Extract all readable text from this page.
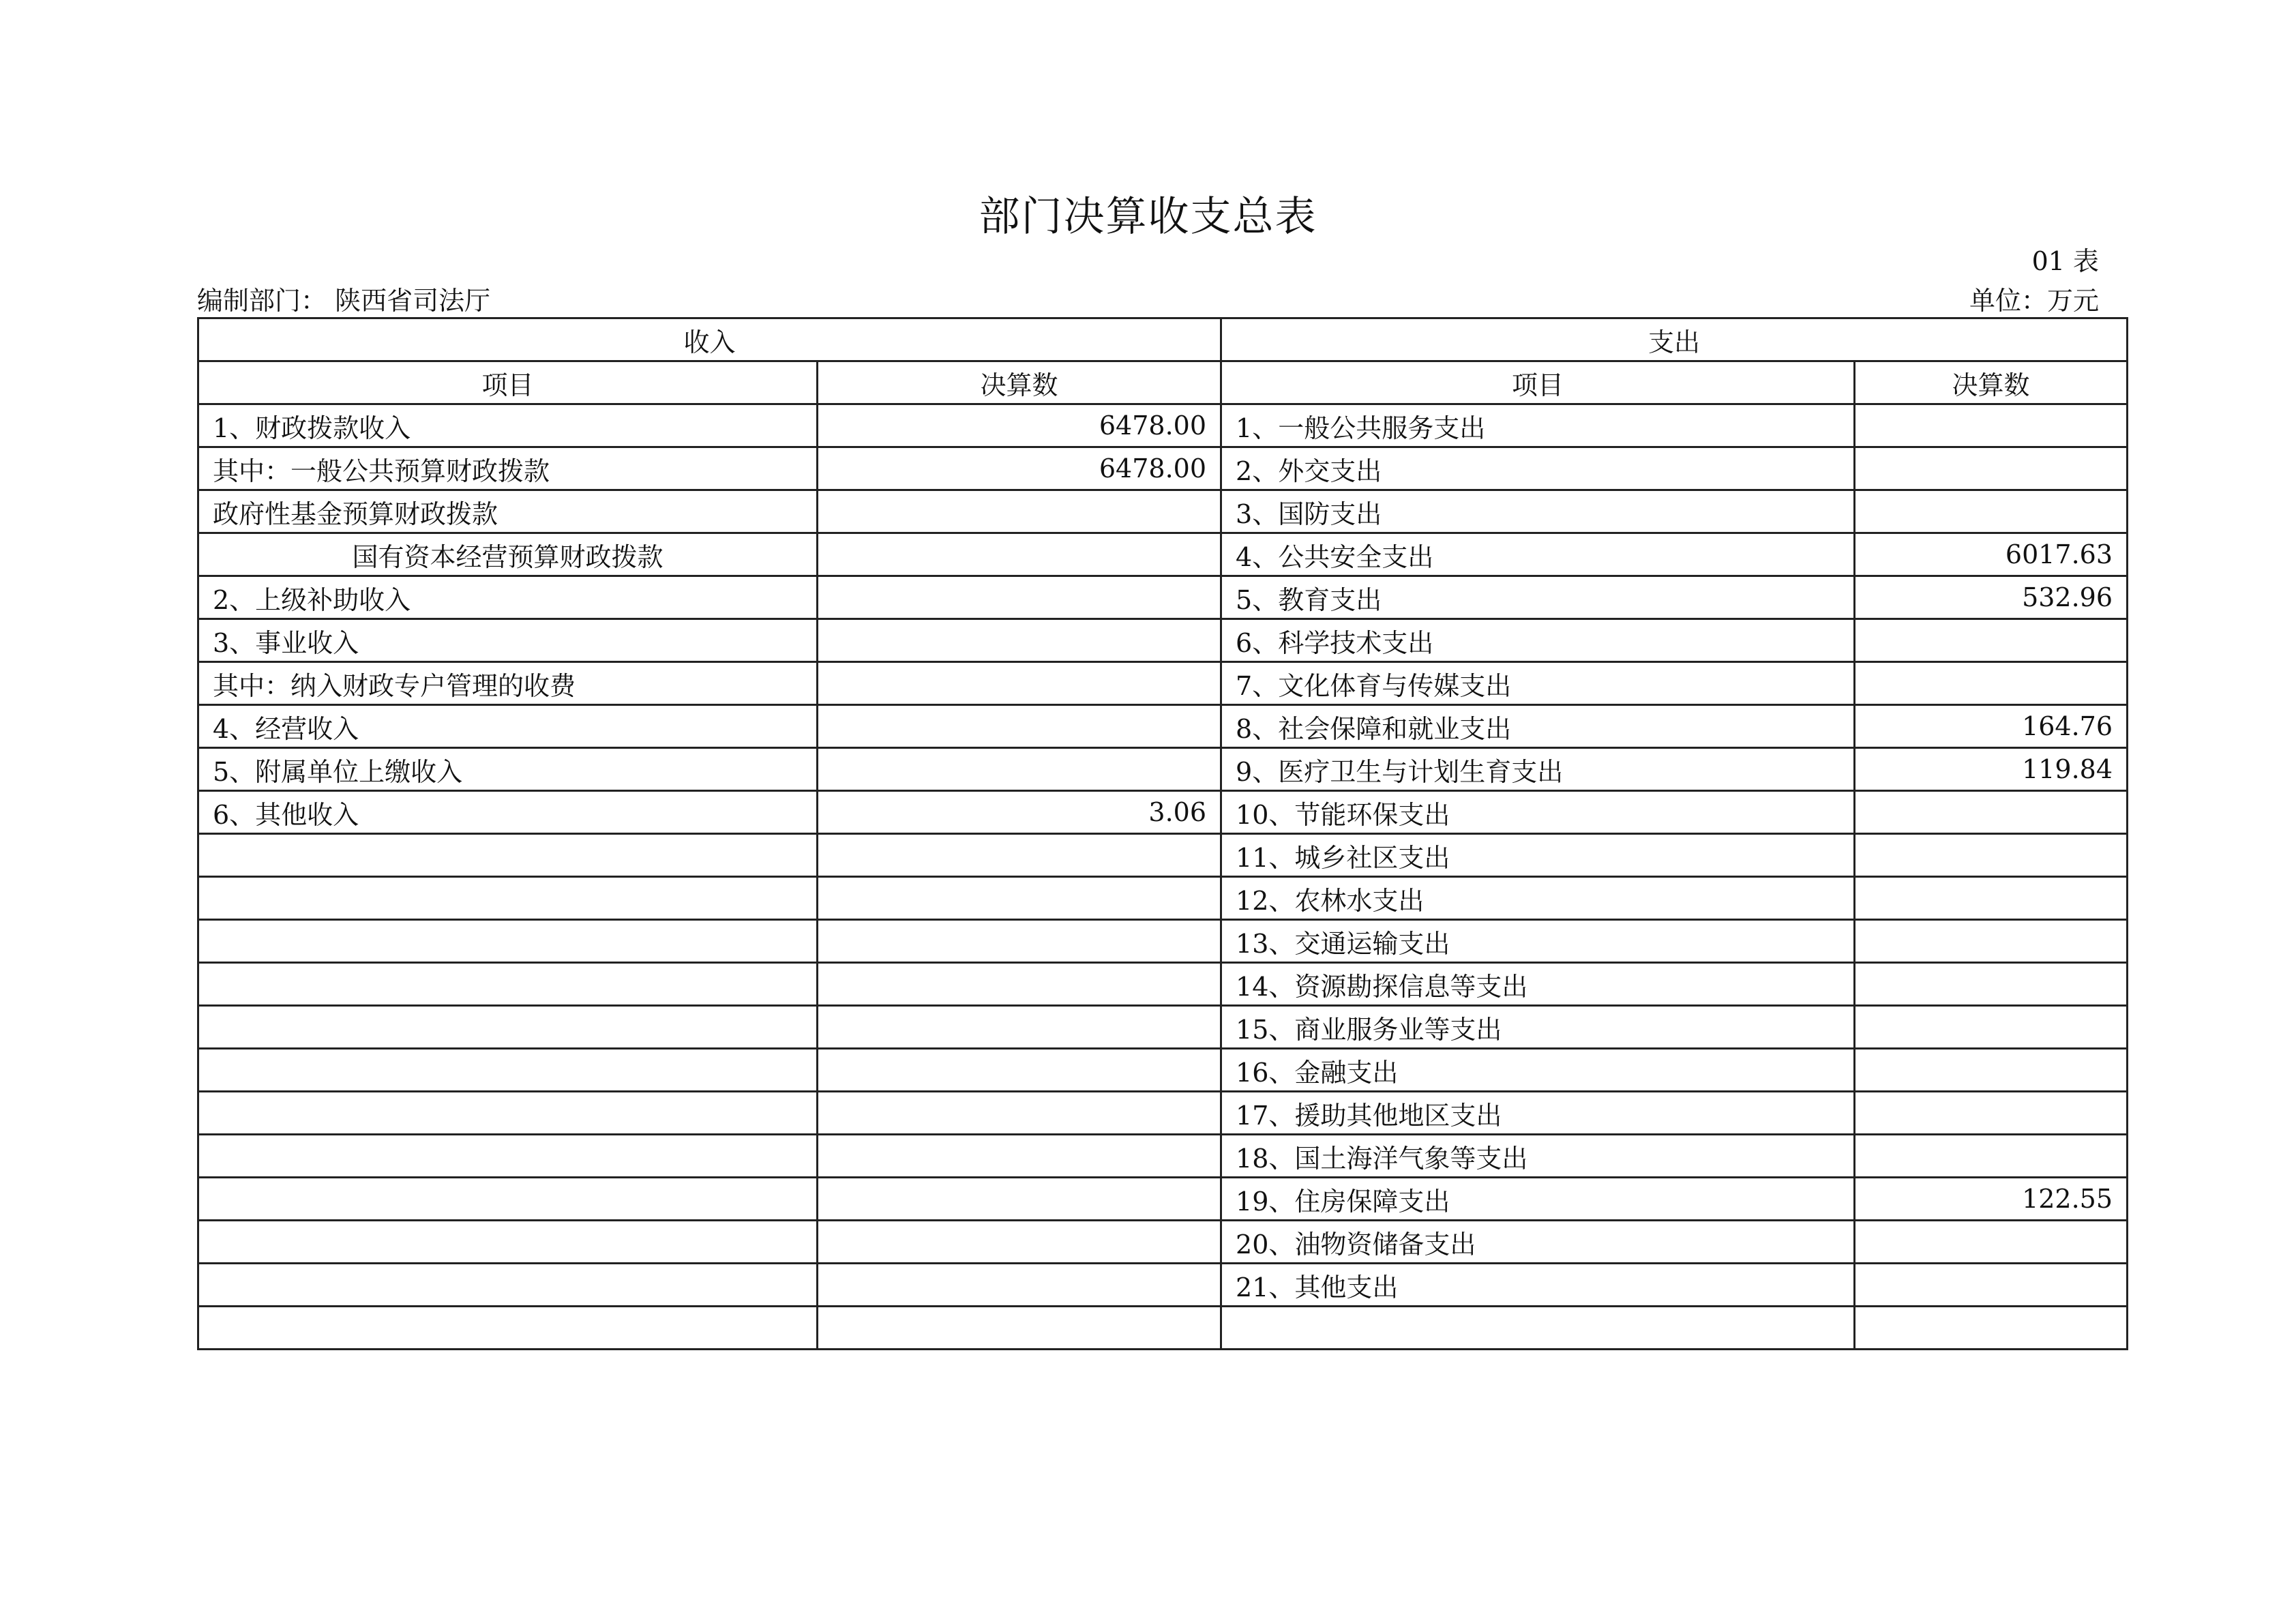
部门决算收支总表
01 表
编制部门： 陕西省司法厅	单位：万元
收入		支出	
项目	决算数	项目	决算数
1、财政拨款收入	6478.00	1、一般公共服务支出	
其中：一般公共预算财政拨款	6478.00	2、外交支出	
政府性基金预算财政拨款		3、国防支出	
国有资本经营预算财政拨款		4、公共安全支出	6017.63
2、上级补助收入		5、教育支出	532.96
3、事业收入		6、科学技术支出	
其中：纳入财政专户管理的收费		7、文化体育与传媒支出	
4、经营收入		8、社会保障和就业支出	164.76
5、附属单位上缴收入		9、医疗卫生与计划生育支出	119.84
6、其他收入	3.06	10、节能环保支出	
		11、城乡社区支出	
		12、农林水支出	
		13、交通运输支出	
		14、资源勘探信息等支出	
		15、商业服务业等支出	
		16、金融支出	
		17、援助其他地区支出	
		18、国土海洋气象等支出	
		19、住房保障支出	122.55
		20、油物资储备支出	
		21、其他支出	
